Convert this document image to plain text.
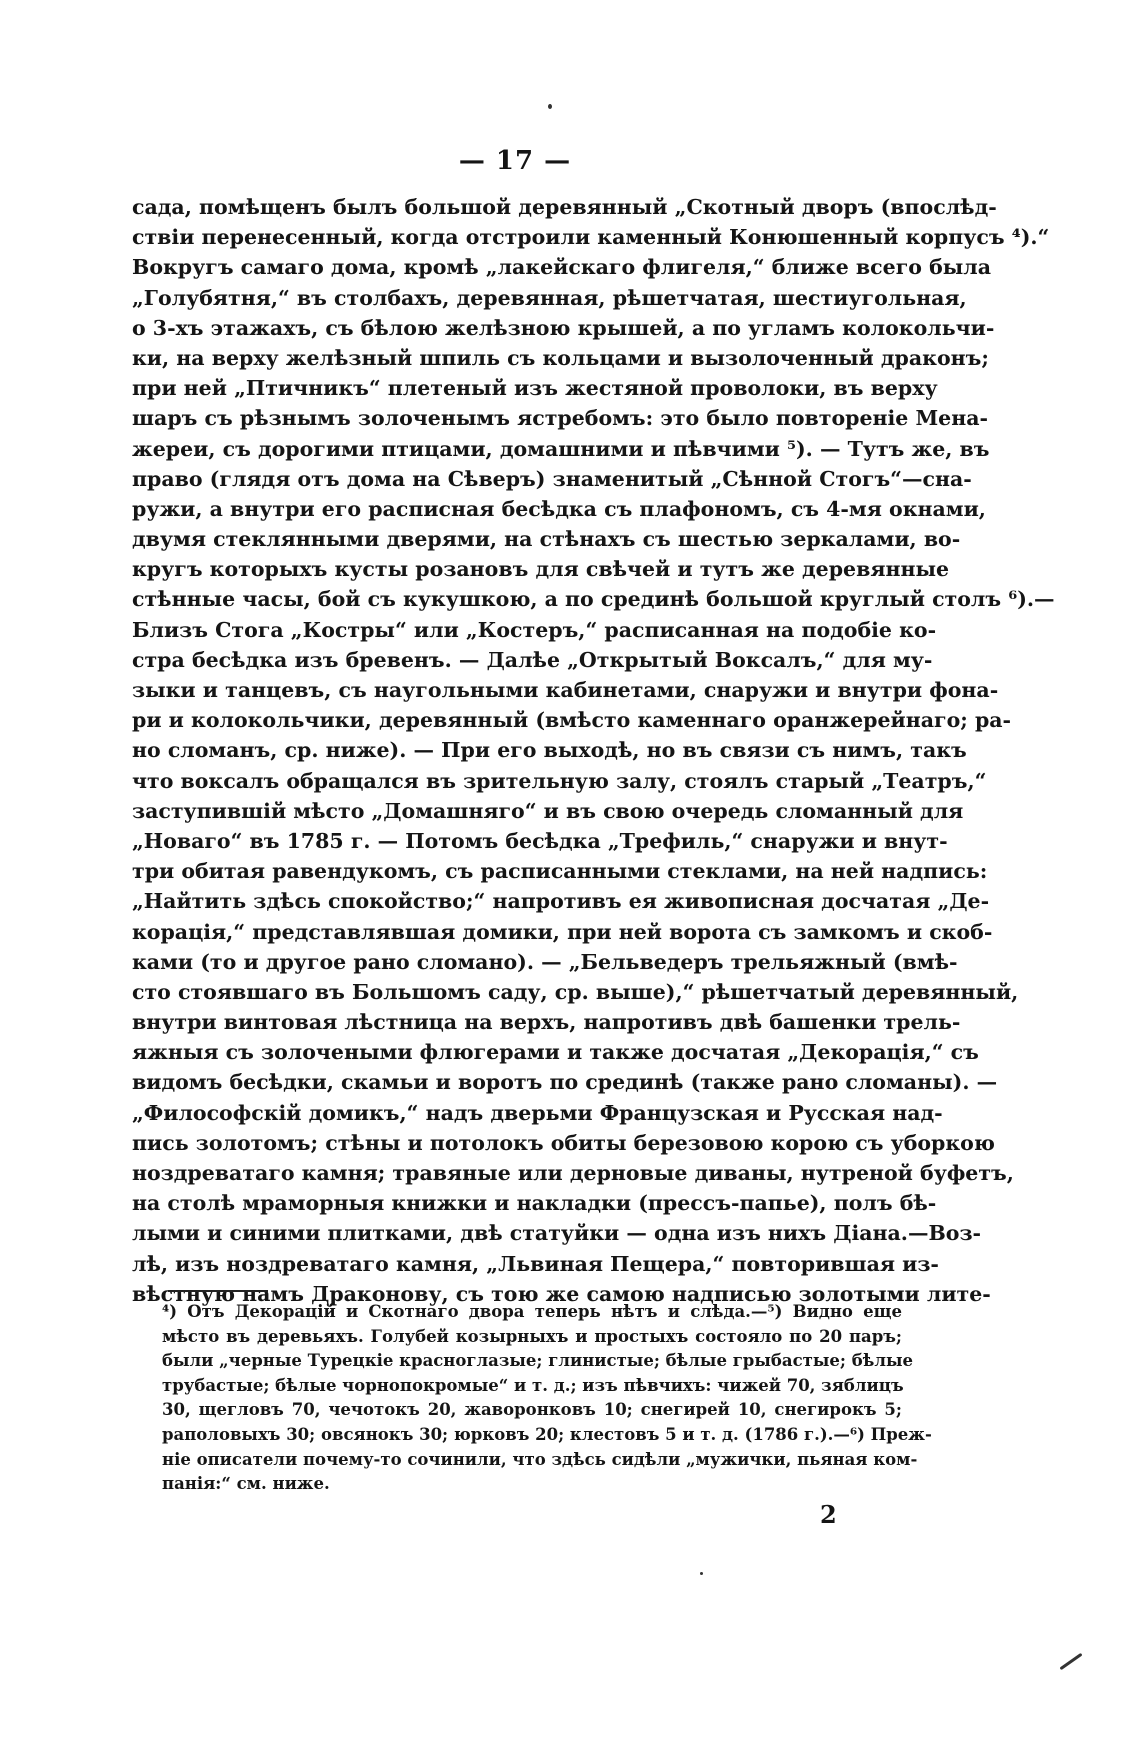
— 17 —
сада, помѣщенъ былъ большой деревянный „Скотный дворъ (впослѣд-
ствіи перенесенный, когда отстроили каменный Конюшенный корпусъ ⁴).“
Вокругъ самаго дома, кромѣ „лакейскаго флигеля,“ ближе всего была
„Голубятня,“ въ столбахъ, деревянная, рѣшетчатая, шестиугольная,
о 3-хъ этажахъ, съ бѣлою желѣзною крышей, а по угламъ колокольчи-
ки, на верху желѣзный шпиль съ кольцами и вызолоченный драконъ;
при ней „Птичникъ“ плетеный изъ жестяной проволоки, въ верху
шаръ съ рѣзнымъ золоченымъ ястребомъ: это было повтореніе Мена-
жереи, съ дорогими птицами, домашними и пѣвчими ⁵). — Тутъ же, въ
право (глядя отъ дома на Сѣверъ) знаменитый „Сѣнной Стогъ“—сна-
ружи, а внутри его расписная бесѣдка съ плафономъ, съ 4-мя окнами,
двумя стеклянными дверями, на стѣнахъ съ шестью зеркалами, во-
кругъ которыхъ кусты розановъ для свѣчей и тутъ же деревянные
стѣнные часы, бой съ кукушкою, а по срединѣ большой круглый столъ ⁶).—
Близъ Стога „Костры“ или „Костеръ,“ расписанная на подобіе ко-
стра бесѣдка изъ бревенъ. — Далѣе „Открытый Воксалъ,“ для му-
зыки и танцевъ, съ наугольными кабинетами, снаружи и внутри фона-
ри и колокольчики, деревянный (вмѣсто каменнаго оранжерейнаго; ра-
но сломанъ, ср. ниже). — При его выходѣ, но въ связи съ нимъ, такъ
что воксалъ обращался въ зрительную залу, стоялъ старый „Театръ,“
заступившій мѣсто „Домашняго“ и въ свою очередь сломанный для
„Новаго“ въ 1785 г. — Потомъ бесѣдка „Трефиль,“ снаружи и внут-
три обитая равендукомъ, съ расписанными стеклами, на ней надпись:
„Найтить здѣсь спокойство;“ напротивъ ея живописная досчатая „Де-
корація,“ представлявшая домики, при ней ворота съ замкомъ и скоб-
ками (то и другое рано сломано). — „Бельведеръ трельяжный (вмѣ-
сто стоявшаго въ Большомъ саду, ср. выше),“ рѣшетчатый деревянный,
внутри винтовая лѣстница на верхъ, напротивъ двѣ башенки трель-
яжныя съ золочеными флюгерами и также досчатая „Декорація,“ съ
видомъ бесѣдки, скамьи и воротъ по срединѣ (также рано сломаны). —
„Философскій домикъ,“ надъ дверьми Французская и Русская над-
пись золотомъ; стѣны и потолокъ обиты березовою корою съ уборкою
ноздреватаго камня; травяные или дерновые диваны, нутреной буфетъ,
на столѣ мраморныя книжки и накладки (прессъ-папье), полъ бѣ-
лыми и синими плитками, двѣ статуйки — одна изъ нихъ Діана.—Воз-
лѣ, изъ ноздреватаго камня, „Львиная Пещера,“ повторившая из-
вѣстную намъ Драконову, съ тою же самою надписью золотыми лите-
⁴) Отъ Декорацій и Скотнаго двора теперь нѣтъ и слѣда.—⁵) Видно еще
мѣсто въ деревьяхъ. Голубей козырныхъ и простыхъ состояло по 20 паръ;
были „черные Турецкіе красноглазые; глинистые; бѣлые грыбастые; бѣлые
трубастые; бѣлые чорнопокромые“ и т. д.; изъ пѣвчихъ: чижей 70, зяблицъ
30, щегловъ 70, чечотокъ 20, жаворонковъ 10; снегирей 10, снегирокъ 5;
раполовыхъ 30; овсянокъ 30; юрковъ 20; клестовъ 5 и т. д. (1786 г.).—⁶) Преж-
ніе описатели почему-то сочинили, что здѣсь сидѣли „мужички, пьяная ком-
панія:“ см. ниже.
2
